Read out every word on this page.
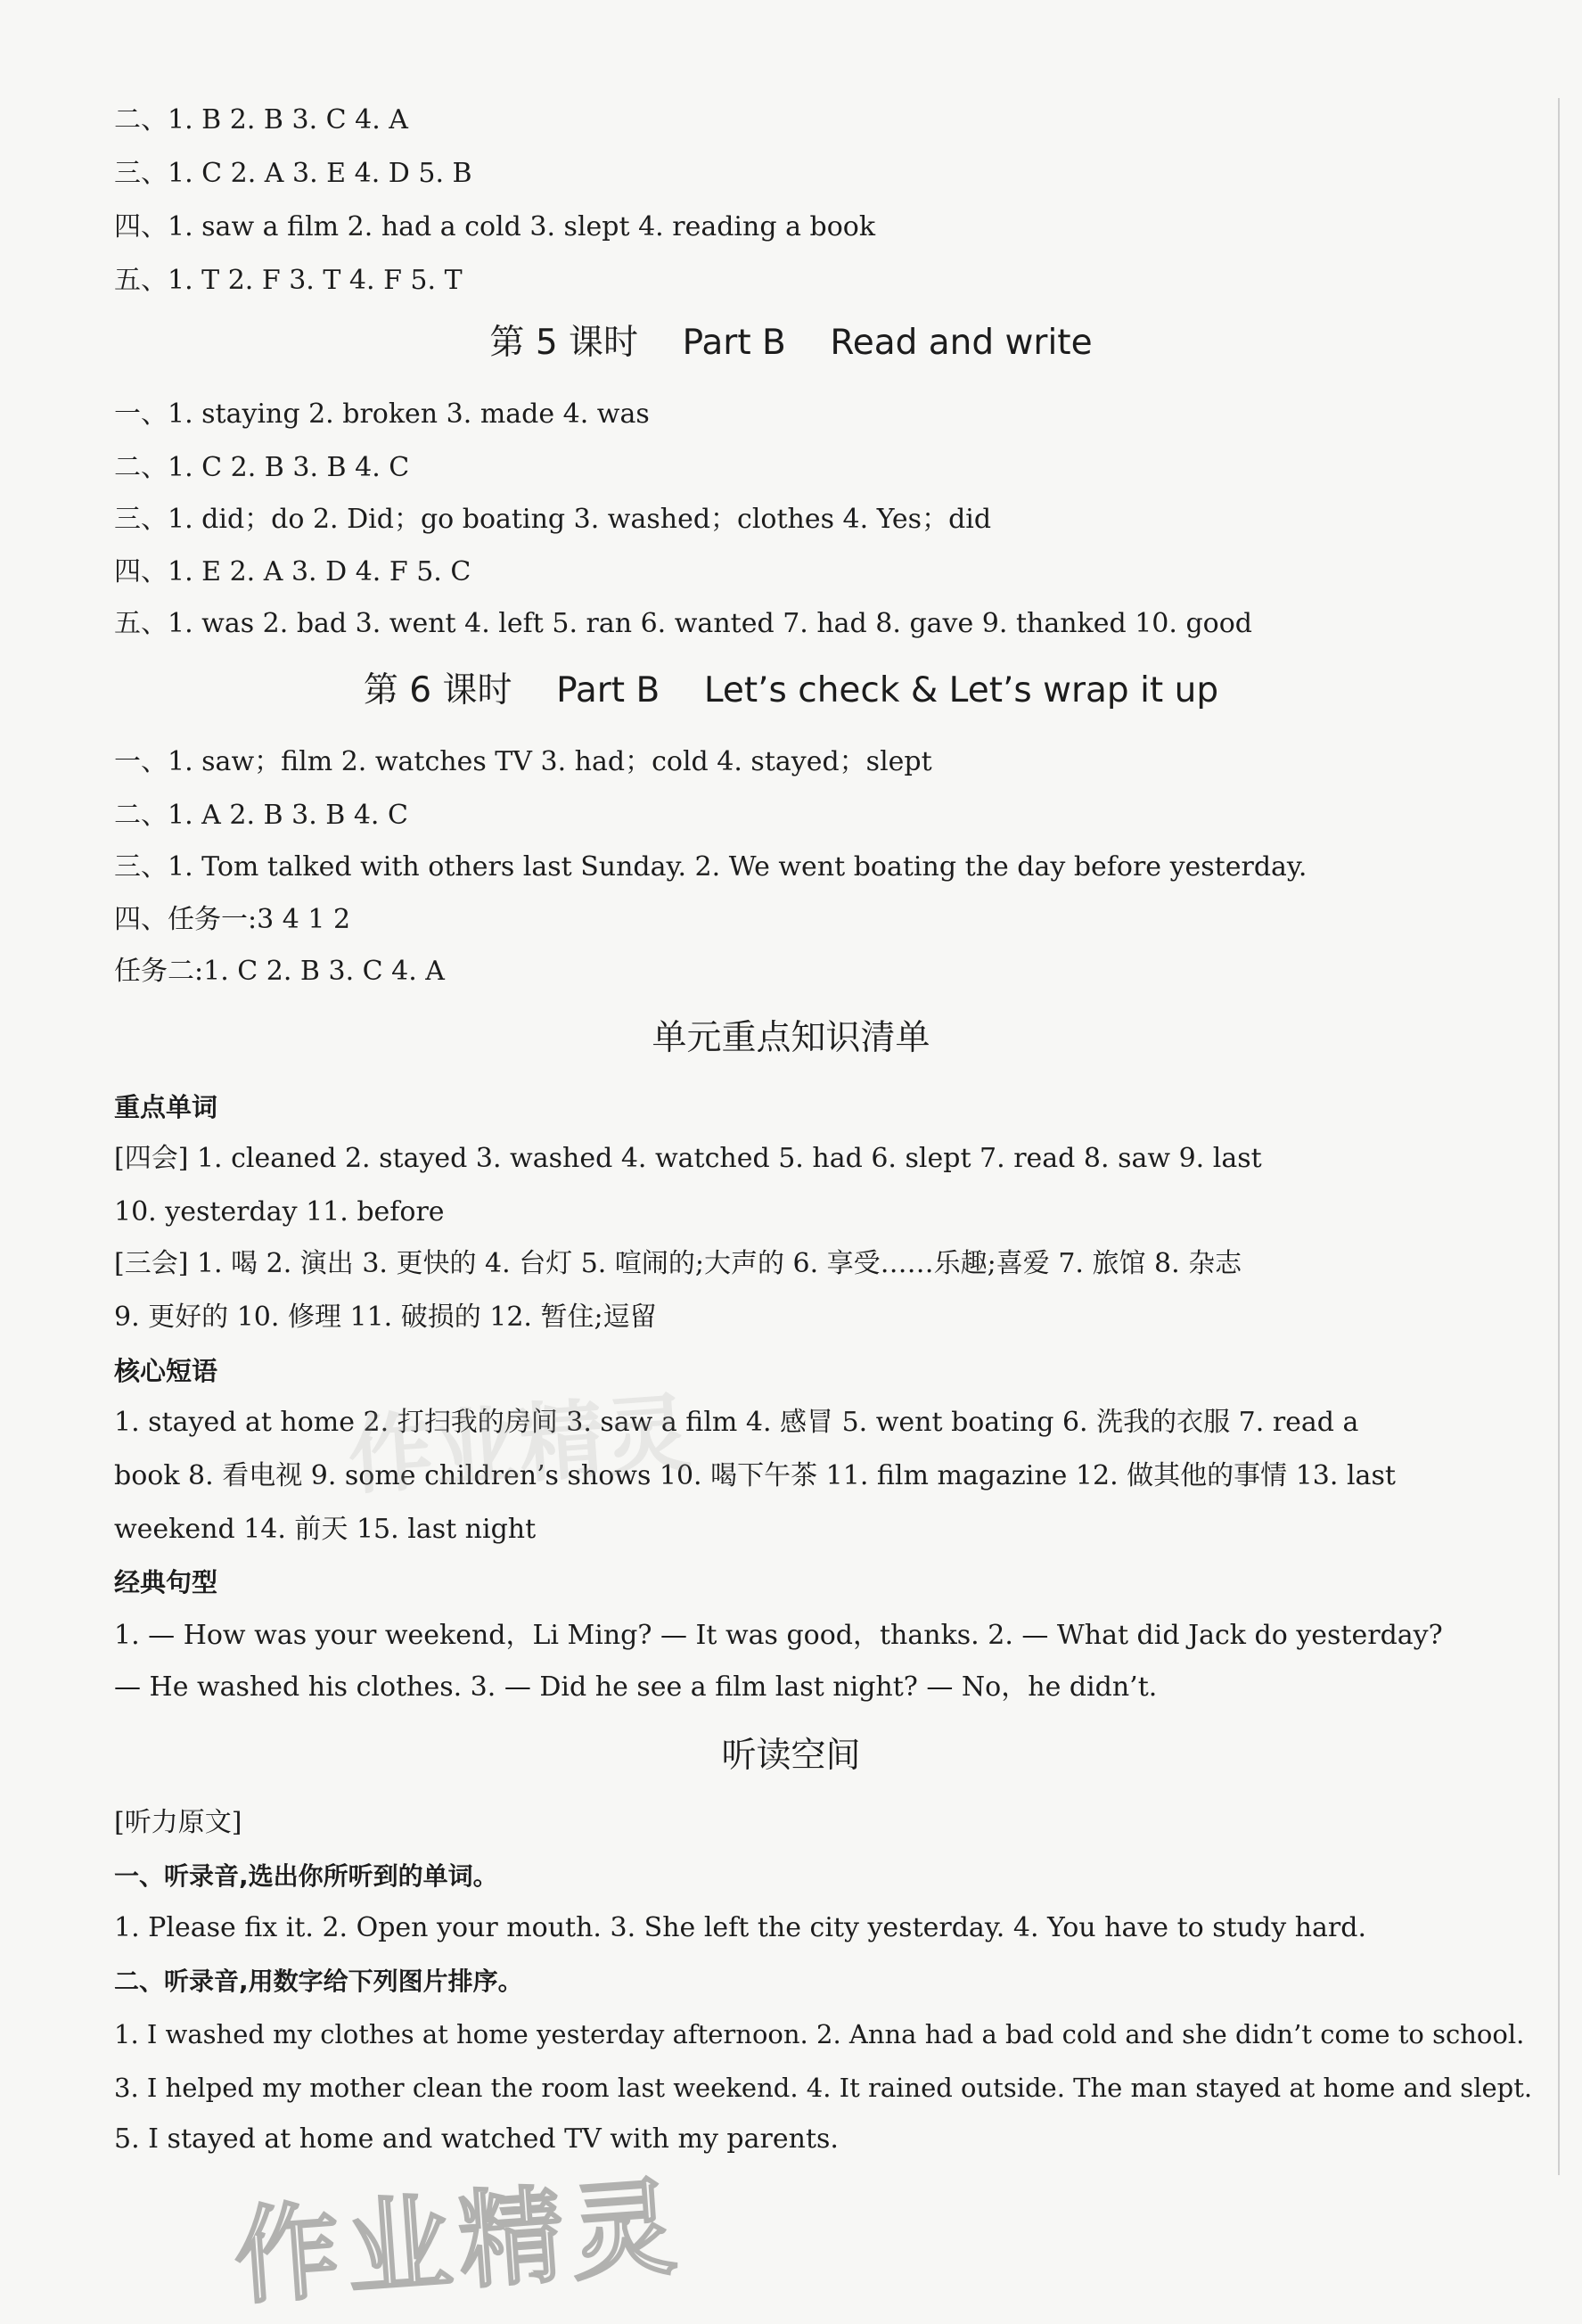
二、1. B 2. B 3. C 4. A
三、1. C 2. A 3. E 4. D 5. B
四、1. saw a film 2. had a cold 3. slept 4. reading a book
五、1. T 2. F 3. T 4. F 5. T
第 5 课时    Part B    Read and write
一、1. staying 2. broken 3. made 4. was
二、1. C 2. B 3. B 4. C
三、1. did；do 2. Did；go boating 3. washed；clothes 4. Yes；did
四、1. E 2. A 3. D 4. F 5. C
五、1. was 2. bad 3. went 4. left 5. ran 6. wanted 7. had 8. gave 9. thanked 10. good
第 6 课时    Part B    Let’s check & Let’s wrap it up
一、1. saw；film 2. watches TV 3. had；cold 4. stayed；slept
二、1. A 2. B 3. B 4. C
三、1. Tom talked with others last Sunday. 2. We went boating the day before yesterday.
四、任务一:3 4 1 2
任务二:1. C 2. B 3. C 4. A
单元重点知识清单
重点单词
[四会] 1. cleaned 2. stayed 3. washed 4. watched 5. had 6. slept 7. read 8. saw 9. last
10. yesterday 11. before
[三会] 1. 喝 2. 演出 3. 更快的 4. 台灯 5. 喧闹的;大声的 6. 享受……乐趣;喜爱 7. 旅馆 8. 杂志
9. 更好的 10. 修理 11. 破损的 12. 暂住;逗留
核心短语
1. stayed at home 2. 打扫我的房间 3. saw a film 4. 感冒 5. went boating 6. 洗我的衣服 7. read a
book 8. 看电视 9. some children’s shows 10. 喝下午茶 11. film magazine 12. 做其他的事情 13. last
weekend 14. 前天 15. last night
经典句型
1. — How was your weekend，Li Ming? — It was good，thanks. 2. — What did Jack do yesterday?
— He washed his clothes. 3. — Did he see a film last night? — No，he didn’t.
听读空间
[听力原文]
一、听录音,选出你所听到的单词。
1. Please fix it. 2. Open your mouth. 3. She left the city yesterday. 4. You have to study hard.
二、听录音,用数字给下列图片排序。
1. I washed my clothes at home yesterday afternoon. 2. Anna had a bad cold and she didn’t come to school.
3. I helped my mother clean the room last weekend. 4. It rained outside. The man stayed at home and slept.
5. I stayed at home and watched TV with my parents.
作业精灵
作业精灵
